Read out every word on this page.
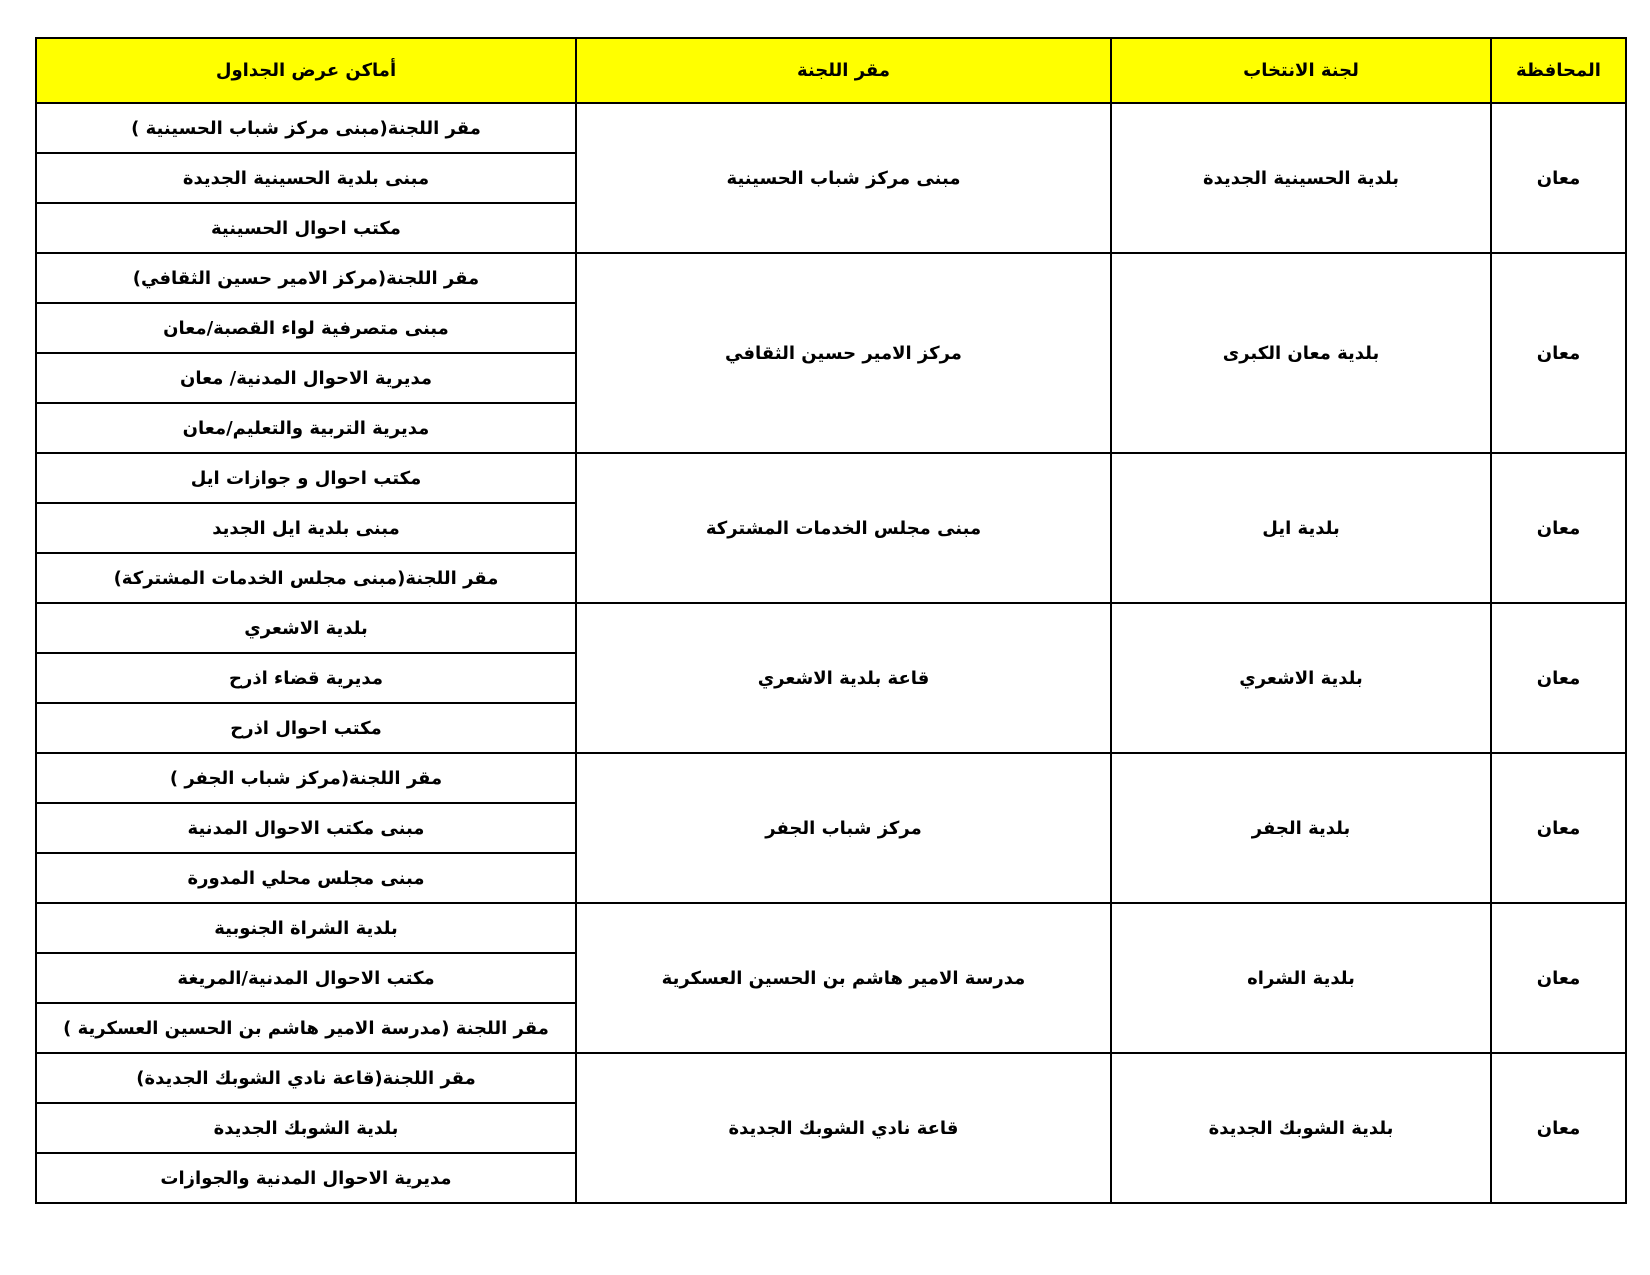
المحافظة	لجنة الانتخاب	مقر اللجنة	أماكن عرض الجداول
معان	بلدية الحسينية الجديدة	مبنى مركز شباب الحسينية	مقر اللجنة(مبنى مركز شباب الحسينية )
			مبنى بلدية الحسينية الجديدة
			مكتب احوال الحسينية
معان	بلدية معان الكبرى	مركز الامير حسين الثقافي	مقر اللجنة(مركز الامير حسين الثقافي)
			مبنى متصرفية لواء القصبة/معان
			مديرية الاحوال المدنية/ معان
			مديرية التربية والتعليم/معان
معان	بلدية ايل	مبنى مجلس الخدمات المشتركة	مكتب احوال و جوازات ايل
			مبنى بلدية ايل الجديد
			مقر اللجنة(مبنى مجلس الخدمات المشتركة)
معان	بلدية الاشعري	قاعة بلدية الاشعري	بلدية الاشعري
			مديرية قضاء اذرح
			مكتب احوال اذرح
معان	بلدية الجفر	مركز شباب الجفر	مقر اللجنة(مركز شباب الجفر )
			مبنى مكتب الاحوال المدنية
			مبنى مجلس محلي المدورة
معان	بلدية الشراه	مدرسة الامير هاشم بن الحسين العسكرية	بلدية الشراة الجنوبية
			مكتب الاحوال المدنية/المريغة
			مقر اللجنة (مدرسة الامير هاشم بن الحسين العسكرية )
معان	بلدية الشوبك الجديدة	قاعة نادي الشوبك الجديدة	مقر اللجنة(قاعة نادي الشوبك الجديدة)
			بلدية الشوبك الجديدة
			مديرية الاحوال المدنية والجوازات
